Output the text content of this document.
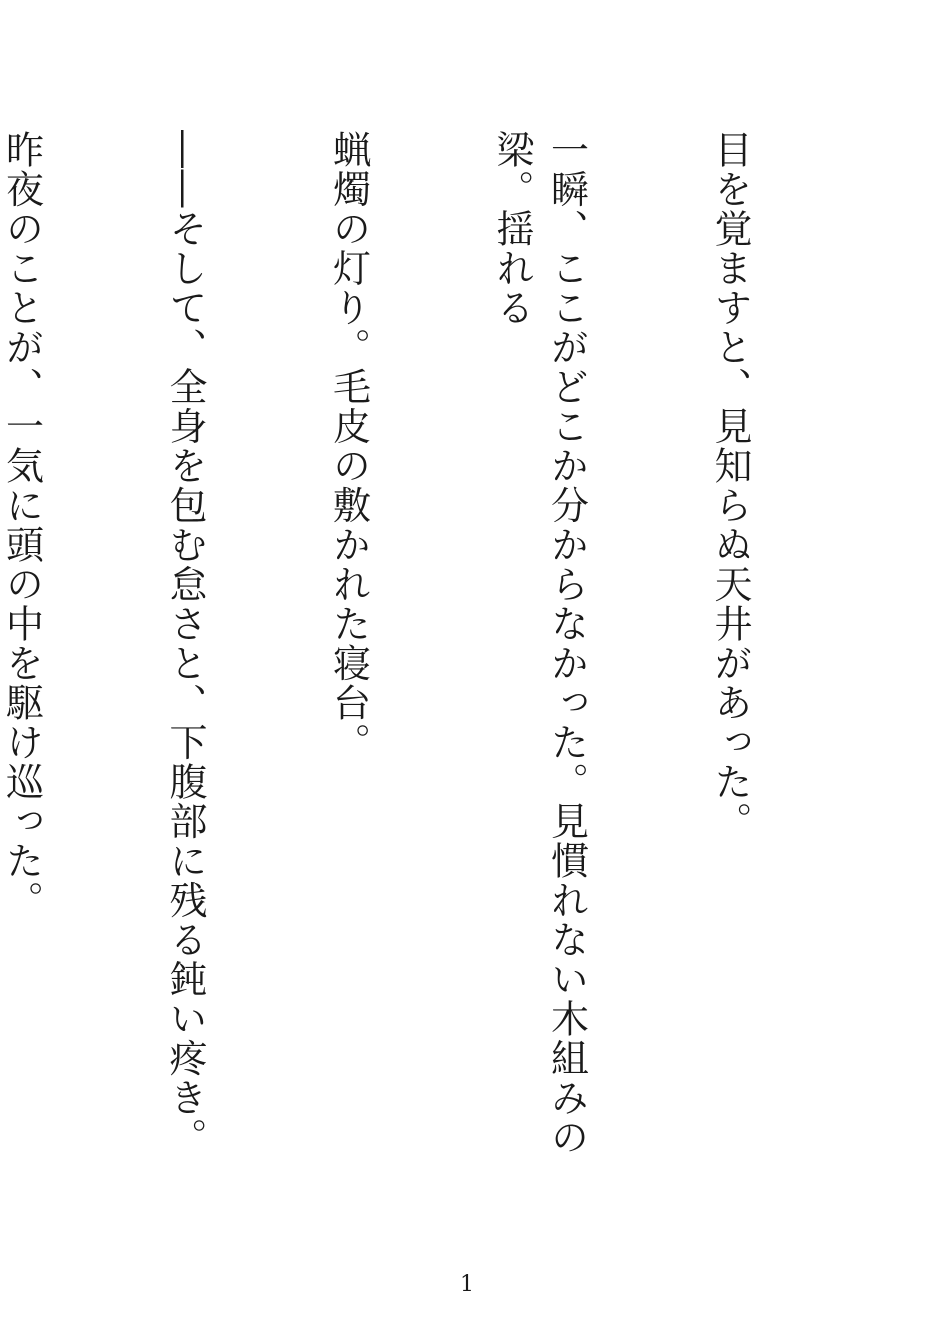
目を覚ますと、見知らぬ天井があった。

一瞬、ここがどこか分からなかった。見慣れない木組みの梁。揺れる

蝋燭の灯り。毛皮の敷かれた寝台。

――そして、全身を包む怠さと、下腹部に残る鈍い疼き。

昨夜のことが、一気に頭の中を駆け巡った。

1
